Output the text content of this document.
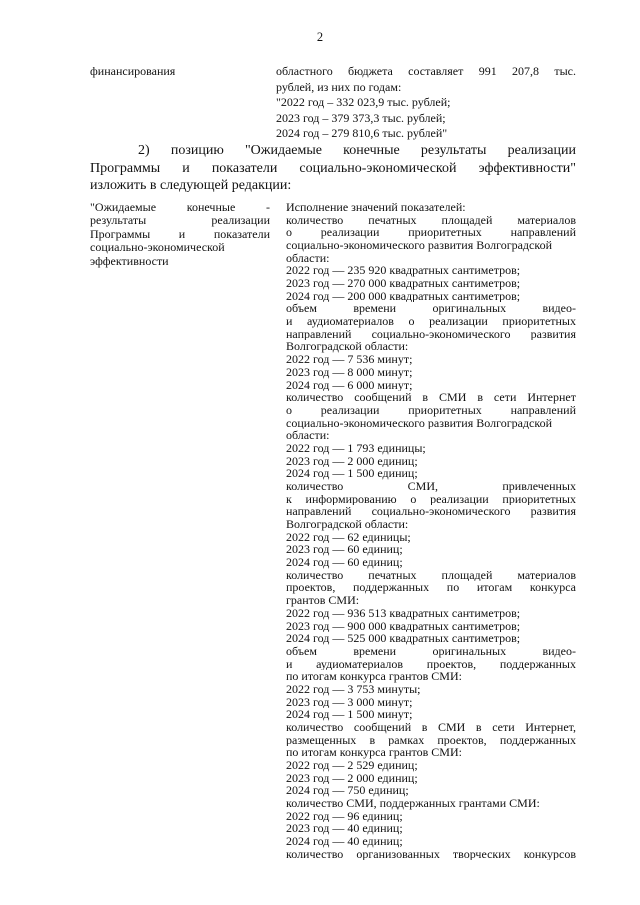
2
финансирования	областного бюджета составляет 991 207,8 тыс.
рублей, из них по годам:
"2022 год – 332 023,9 тыс. рублей;
2023 год – 379 373,3 тыс. рублей;
2024 год – 279 810,6 тыс. рублей"
2) позицию "Ожидаемые конечные результаты реализации
Программы и показатели социально-экономической эффективности"
изложить в следующей редакции:
"Ожидаемые конечные -
результаты реализации
Программы и показатели
социально-экономической
эффективности
Исполнение значений показателей:
количество печатных площадей материалов
о реализации приоритетных направлений
социально-экономического развития Волгоградской
области:
2022 год — 235 920 квадратных сантиметров;
2023 год — 270 000 квадратных сантиметров;
2024 год — 200 000 квадратных сантиметров;
объем времени оригинальных видео-
и аудиоматериалов о реализации приоритетных
направлений социально-экономического развития
Волгоградской области:
2022 год — 7 536 минут;
2023 год — 8 000 минут;
2024 год — 6 000 минут;
количество сообщений в СМИ в сети Интернет
о реализации приоритетных направлений
социально-экономического развития Волгоградской
области:
2022 год — 1 793 единицы;
2023 год — 2 000 единиц;
2024 год — 1 500 единиц;
количество СМИ, привлеченных
к информированию о реализации приоритетных
направлений социально-экономического развития
Волгоградской области:
2022 год — 62 единицы;
2023 год — 60 единиц;
2024 год — 60 единиц;
количество печатных площадей материалов
проектов, поддержанных по итогам конкурса
грантов СМИ:
2022 год — 936 513 квадратных сантиметров;
2023 год — 900 000 квадратных сантиметров;
2024 год — 525 000 квадратных сантиметров;
объем времени оригинальных видео-
и аудиоматериалов проектов, поддержанных
по итогам конкурса грантов СМИ:
2022 год — 3 753 минуты;
2023 год — 3 000 минут;
2024 год — 1 500 минут;
количество сообщений в СМИ в сети Интернет,
размещенных в рамках проектов, поддержанных
по итогам конкурса грантов СМИ:
2022 год — 2 529 единиц;
2023 год — 2 000 единиц;
2024 год — 750 единиц;
количество СМИ, поддержанных грантами СМИ:
2022 год — 96 единиц;
2023 год — 40 единиц;
2024 год — 40 единиц;
количество организованных творческих конкурсов
